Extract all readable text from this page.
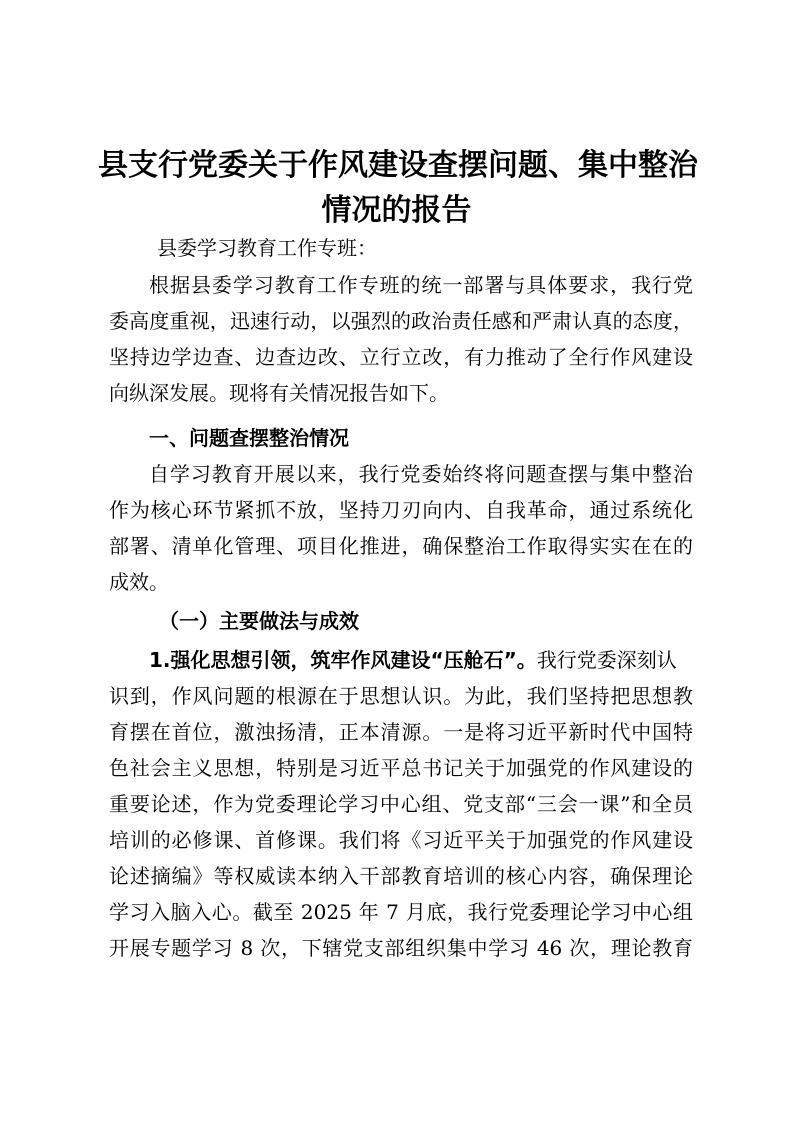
县支行党委关于作风建设查摆问题、集中整治
情况的报告
县委学习教育工作专班：
根据县委学习教育工作专班的统一部署与具体要求，我行党
委高度重视，迅速行动，以强烈的政治责任感和严肃认真的态度，
坚持边学边查、边查边改、立行立改，有力推动了全行作风建设
向纵深发展。现将有关情况报告如下。
一、问题查摆整治情况
自学习教育开展以来，我行党委始终将问题查摆与集中整治
作为核心环节紧抓不放，坚持刀刃向内、自我革命，通过系统化
部署、清单化管理、项目化推进，确保整治工作取得实实在在的
成效。
（一）主要做法与成效
1.强化思想引领，筑牢作风建设“压舱石”。我行党委深刻认
识到，作风问题的根源在于思想认识。为此，我们坚持把思想教
育摆在首位，激浊扬清，正本清源。一是将习近平新时代中国特
色社会主义思想，特别是习近平总书记关于加强党的作风建设的
重要论述，作为党委理论学习中心组、党支部“三会一课”和全员
培训的必修课、首修课。我们将《习近平关于加强党的作风建设
论述摘编》等权威读本纳入干部教育培训的核心内容，确保理论
学习入脑入心。截至 2025 年 7 月底，我行党委理论学习中心组
开展专题学习 8 次，下辖党支部组织集中学习 46 次，理论教育
